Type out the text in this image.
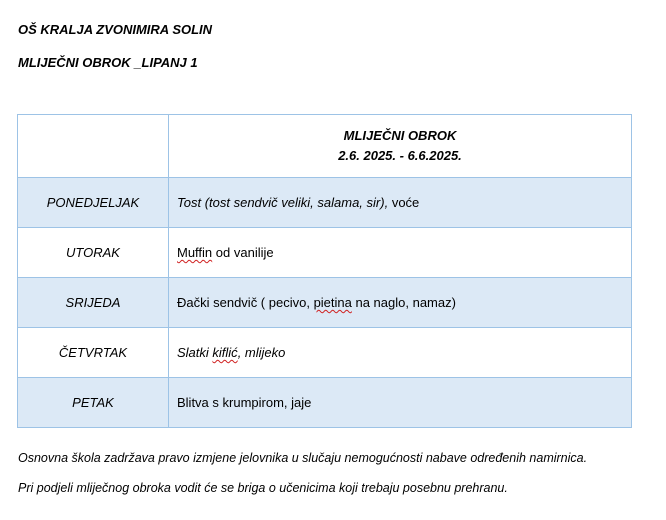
OŠ KRALJA ZVONIMIRA SOLIN
MLIJEČNI OBROK _LIPANJ 1

	MLIJEČNI OBROK
2.6. 2025. - 6.6.2025.

PONEDJELJAK	Tost (tost sendvič veliki, salama, sir), voće
UTORAK	Muffin od vanilije
SRIJEDA	Đački sendvič ( pecivo, pietina na naglo, namaz)
ČETVRTAK	Slatki kiflić, mlijeko
PETAK	Blitva s krumpirom, jaje
Osnovna škola zadržava pravo izmjene jelovnika u slučaju nemogućnosti nabave određenih namirnica.
Pri podjeli mliječnog obroka vodit će se briga o učenicima koji trebaju posebnu prehranu.
